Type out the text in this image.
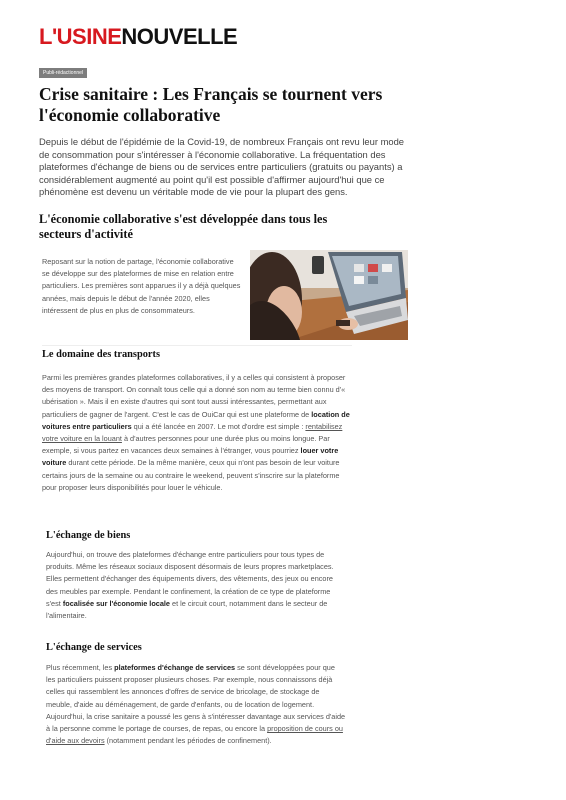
L'USINENOUVELLE
Publi-rédactionnel
Crise sanitaire : Les Français se tournent vers l'économie collaborative

Depuis le début de l'épidémie de la Covid-19, de nombreux Français ont revu leur mode de consommation pour s'intéresser à l'économie collaborative. La fréquentation des plateformes d'échange de biens ou de services entre particuliers (gratuits ou payants) a considérablement augmenté au point qu'il est possible d'affirmer aujourd'hui que ce phénomène est devenu un véritable mode de vie pour la plupart des gens.

L'économie collaborative s'est développée dans tous les secteurs d'activité

Reposant sur la notion de partage, l'économie collaborative se développe sur des plateformes de mise en relation entre particuliers. Les premières sont apparues il y a déjà quelques années, mais depuis le début de l'année 2020, elles intéressent de plus en plus de consommateurs.

Le domaine des transports

Parmi les premières grandes plateformes collaboratives, il y a celles qui consistent à proposer des moyens de transport. On connaît tous celle qui a donné son nom au terme bien connu d'« ubérisation ». Mais il en existe d'autres qui sont tout aussi intéressantes, permettant aux particuliers de gagner de l'argent. C'est le cas de OuiCar qui est une plateforme de location de voitures entre particuliers qui a été lancée en 2007. Le mot d'ordre est simple : rentabilisez votre voiture en la louant à d'autres personnes pour une durée plus ou moins longue. Par exemple, si vous partez en vacances deux semaines à l'étranger, vous pourriez louer votre voiture durant cette période. De la même manière, ceux qui n'ont pas besoin de leur voiture certains jours de la semaine ou au contraire le weekend, peuvent s'inscrire sur la plateforme pour proposer leurs disponibilités pour louer le véhicule.

L'échange de biens

Aujourd'hui, on trouve des plateformes d'échange entre particuliers pour tous types de produits. Même les réseaux sociaux disposent désormais de leurs propres marketplaces. Elles permettent d'échanger des équipements divers, des vêtements, des jeux ou encore des meubles par exemple. Pendant le confinement, la création de ce type de plateforme s'est focalisée sur l'économie locale et le circuit court, notamment dans le secteur de l'alimentaire.

L'échange de services

Plus récemment, les plateformes d'échange de services se sont développées pour que les particuliers puissent proposer plusieurs choses. Par exemple, nous connaissons déjà celles qui rassemblent les annonces d'offres de service de bricolage, de stockage de meuble, d'aide au déménagement, de garde d'enfants, ou de location de logement. Aujourd'hui, la crise sanitaire a poussé les gens à s'intéresser davantage aux services d'aide à la personne comme le portage de courses, de repas, ou encore la proposition de cours ou d'aide aux devoirs (notamment pendant les périodes de confinement).
